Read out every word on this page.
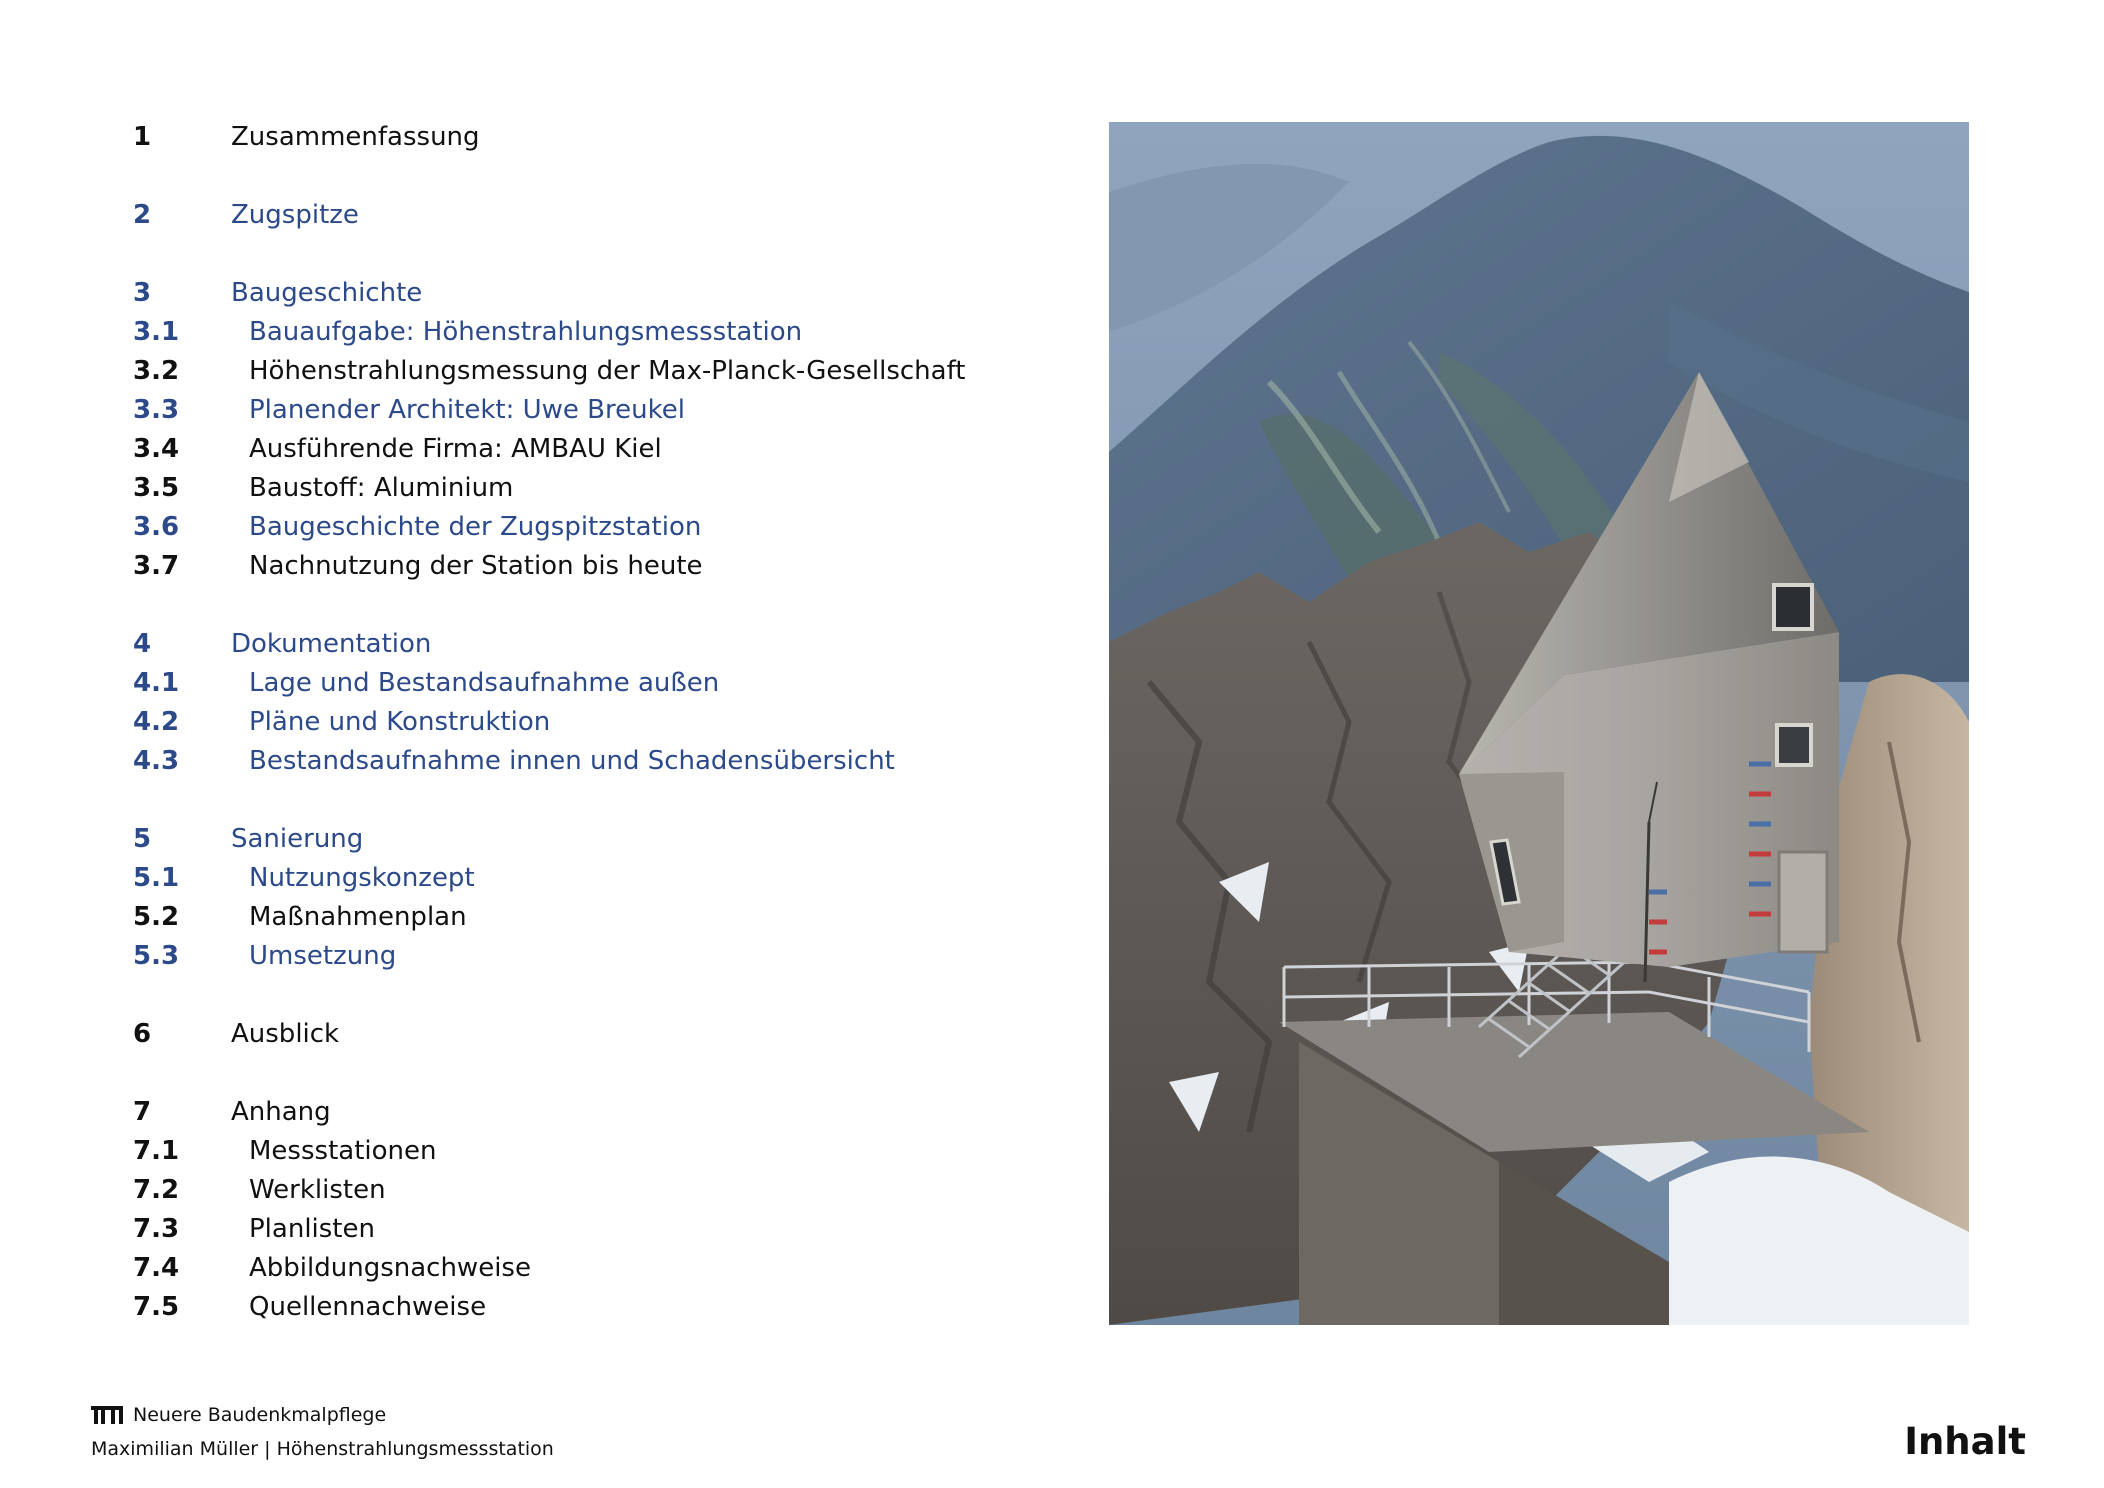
1	Zusammenfassung
2	Zugspitze
3	Baugeschichte
3.1	Bauaufgabe: Höhenstrahlungsmessstation
3.2	Höhenstrahlungsmessung der Max-Planck-Gesellschaft
3.3	Planender Architekt: Uwe Breukel
3.4	Ausführende Firma: AMBAU Kiel
3.5	Baustoff: Aluminium
3.6	Baugeschichte der Zugspitzstation
3.7	Nachnutzung der Station bis heute
4	Dokumentation
4.1	Lage und Bestandsaufnahme außen
4.2	Pläne und Konstruktion
4.3	Bestandsaufnahme innen und Schadensübersicht
5	Sanierung
5.1	Nutzungskonzept
5.2	Maßnahmenplan
5.3	Umsetzung
6	Ausblick
7	Anhang
7.1	Messstationen
7.2	Werklisten
7.3	Planlisten
7.4	Abbildungsnachweise
7.5	Quellennachweise
Neuere Baudenkmalpflege
Maximilian Müller | Höhenstrahlungsmessstation	Inhalt
